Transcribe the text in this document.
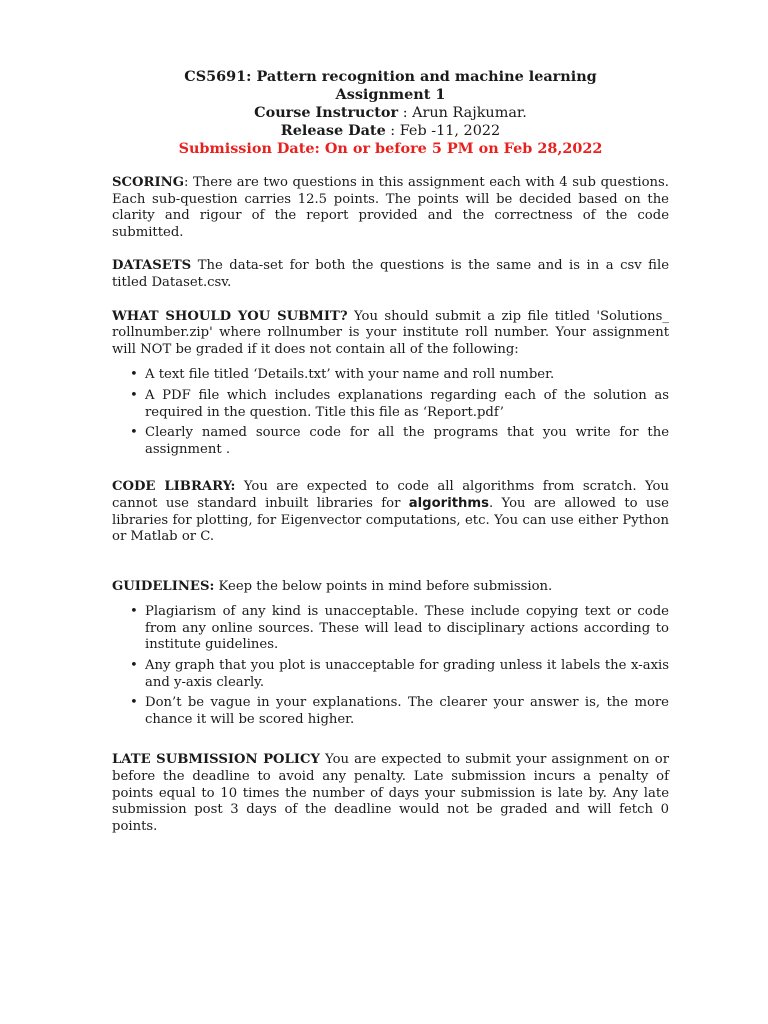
CS5691: Pattern recognition and machine learning
Assignment 1
Course Instructor : Arun Rajkumar.
Release Date : Feb -11, 2022
Submission Date: On or before 5 PM on Feb 28,2022

SCORING: There are two questions in this assignment each with 4 sub questions. Each sub-question carries 12.5 points. The points will be decided based on the clarity and rigour of the report provided and the correctness of the code submitted.

DATASETS The data-set for both the questions is the same and is in a csv file titled Dataset.csv.

WHAT SHOULD YOU SUBMIT? You should submit a zip file titled 'Solutions_ rollnumber.zip' where rollnumber is your institute roll number. Your assignment will NOT be graded if it does not contain all of the following:

• A text file titled ‘Details.txt’ with your name and roll number.
• A PDF file which includes explanations regarding each of the solution as required in the question. Title this file as ‘Report.pdf’
• Clearly named source code for all the programs that you write for the assignment .

CODE LIBRARY: You are expected to code all algorithms from scratch. You cannot use standard inbuilt libraries for algorithms. You are allowed to use libraries for plotting, for Eigenvector computations, etc. You can use either Python or Matlab or C.

GUIDELINES: Keep the below points in mind before submission.

• Plagiarism of any kind is unacceptable. These include copying text or code from any online sources. These will lead to disciplinary actions according to institute guidelines.
• Any graph that you plot is unacceptable for grading unless it labels the x-axis and y-axis clearly.
• Don’t be vague in your explanations. The clearer your answer is, the more chance it will be scored higher.

LATE SUBMISSION POLICY You are expected to submit your assignment on or before the deadline to avoid any penalty. Late submission incurs a penalty of points equal to 10 times the number of days your submission is late by. Any late submission post 3 days of the deadline would not be graded and will fetch 0 points.
